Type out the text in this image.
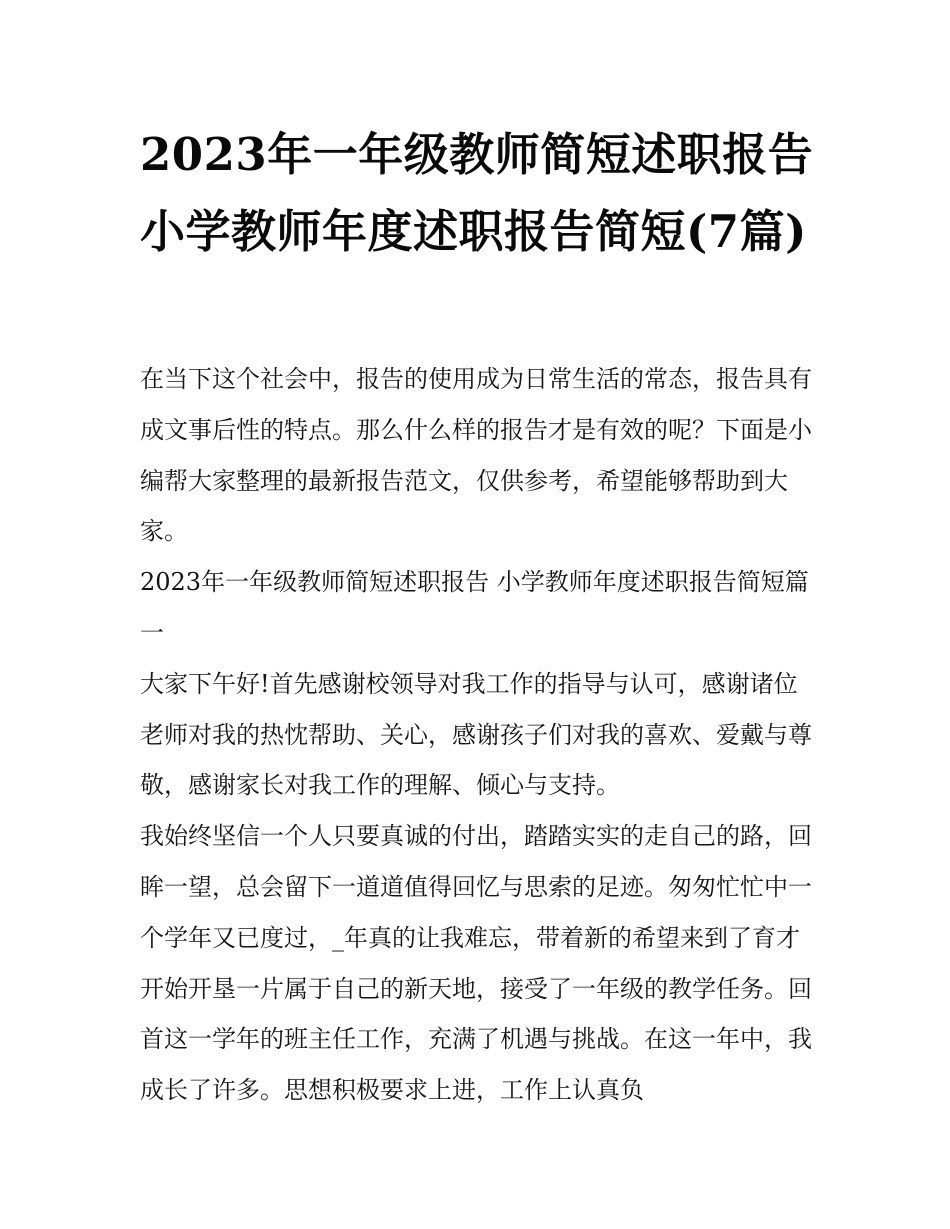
2023年一年级教师简短述职报告 小学教师年度述职报告简短(7篇)

在当下这个社会中，报告的使用成为日常生活的常态，报告具有成文事后性的特点。那么什么样的报告才是有效的呢？下面是小编帮大家整理的最新报告范文，仅供参考，希望能够帮助到大家。

2023年一年级教师简短述职报告 小学教师年度述职报告简短篇一

大家下午好!首先感谢校领导对我工作的指导与认可，感谢诸位老师对我的热忱帮助、关心，感谢孩子们对我的喜欢、爱戴与尊敬，感谢家长对我工作的理解、倾心与支持。

我始终坚信一个人只要真诚的付出，踏踏实实的走自己的路，回眸一望，总会留下一道道值得回忆与思索的足迹。匆匆忙忙中一个学年又已度过，_年真的让我难忘，带着新的希望来到了育才开始开垦一片属于自己的新天地，接受了一年级的教学任务。回首这一学年的班主任工作，充满了机遇与挑战。在这一年中，我成长了许多。思想积极要求上进，工作上认真负
